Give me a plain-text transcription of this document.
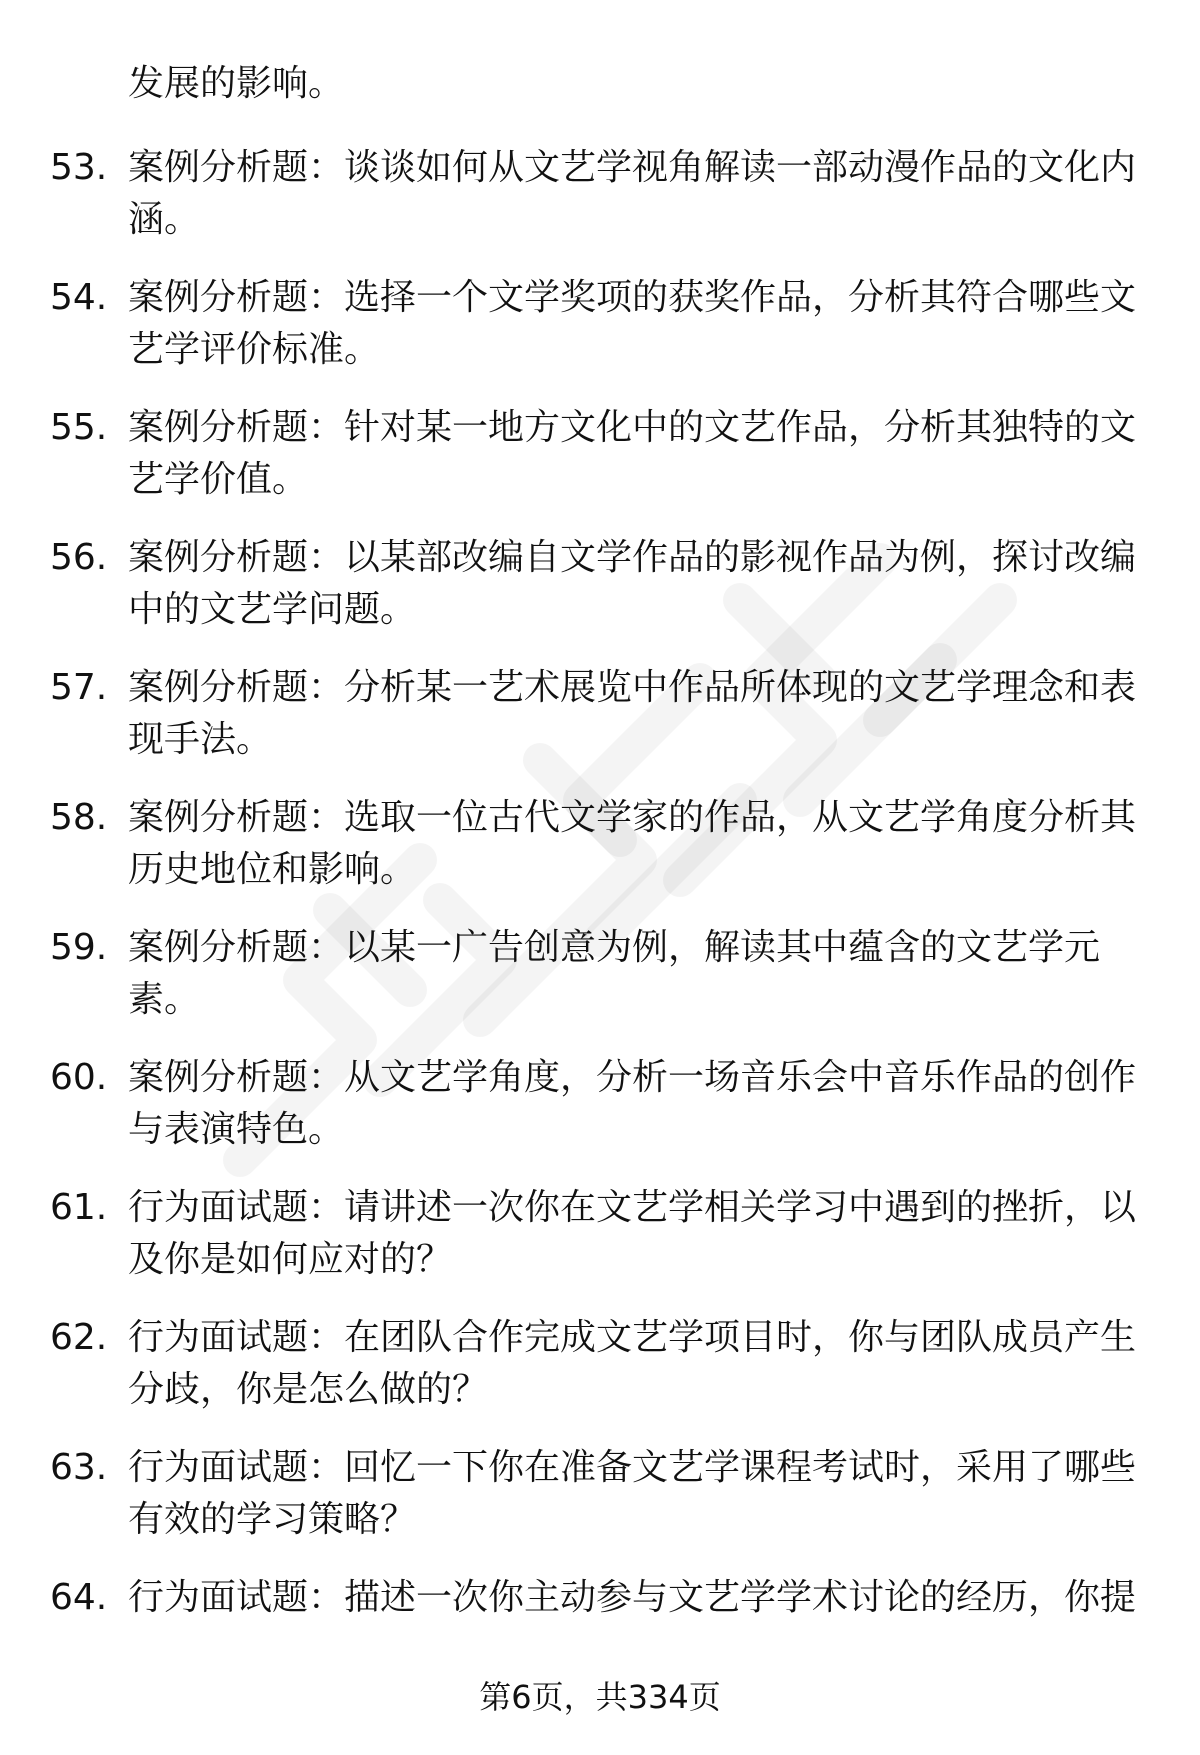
发展的影响。
53. 案例分析题：谈谈如何从文艺学视角解读一部动漫作品的文化内涵。
54. 案例分析题：选择一个文学奖项的获奖作品，分析其符合哪些文艺学评价标准。
55. 案例分析题：针对某一地方文化中的文艺作品，分析其独特的文艺学价值。
56. 案例分析题：以某部改编自文学作品的影视作品为例，探讨改编中的文艺学问题。
57. 案例分析题：分析某一艺术展览中作品所体现的文艺学理念和表现手法。
58. 案例分析题：选取一位古代文学家的作品，从文艺学角度分析其历史地位和影响。
59. 案例分析题：以某一广告创意为例，解读其中蕴含的文艺学元素。
60. 案例分析题：从文艺学角度，分析一场音乐会中音乐作品的创作与表演特色。
61. 行为面试题：请讲述一次你在文艺学相关学习中遇到的挫折，以及你是如何应对的？
62. 行为面试题：在团队合作完成文艺学项目时，你与团队成员产生分歧，你是怎么做的？
63. 行为面试题：回忆一下你在准备文艺学课程考试时，采用了哪些有效的学习策略？
64. 行为面试题：描述一次你主动参与文艺学学术讨论的经历，你提
第6页，共334页
